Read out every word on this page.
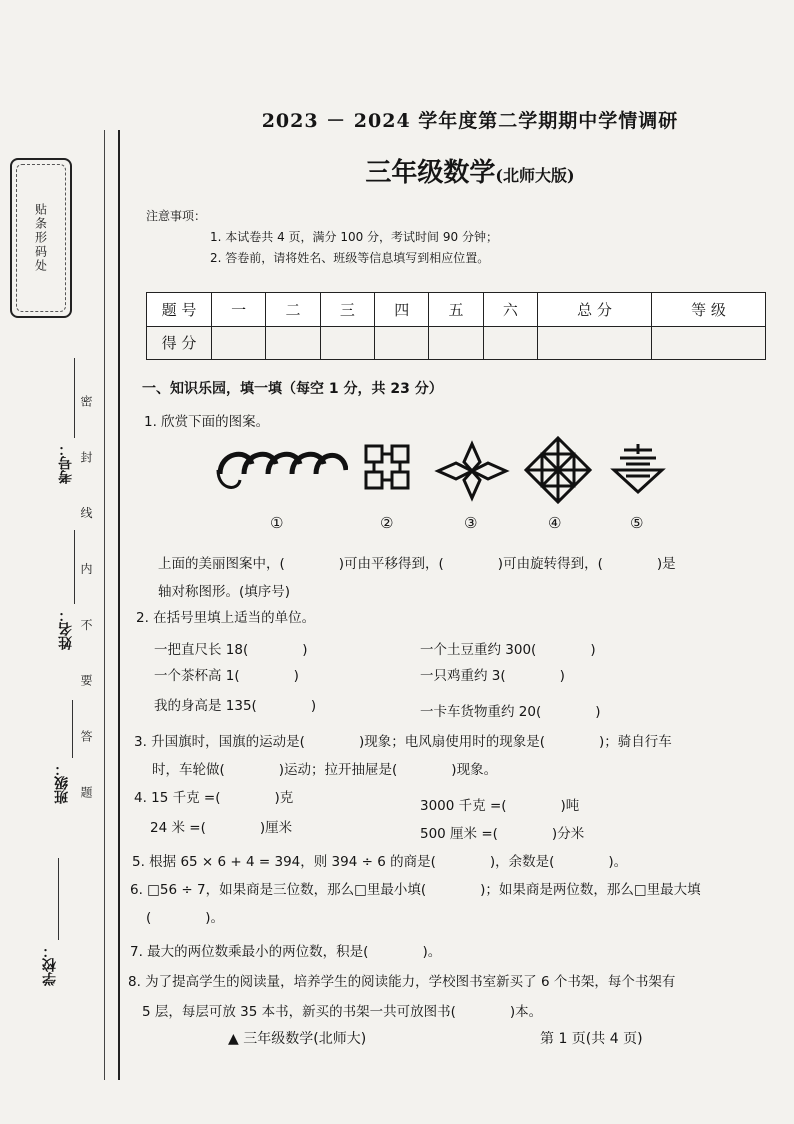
贴条形码处
密 封 线 内 不 要 答 题
考号：
姓名：
班级：
学校：
2023 － 2024 学年度第二学期期中学情调研
三年级数学(北师大版)
注意事项：
1. 本试卷共 4 页，满分 100 分，考试时间 90 分钟；
2. 答卷前，请将姓名、班级等信息填写到相应位置。
题 号	一	二	三	四	五	六	总 分	等 级
得 分								
一、知识乐园，填一填（每空 1 分，共 23 分）
1. 欣赏下面的图案。
①	②	③	④	⑤
上面的美丽图案中，(　　　　)可由平移得到，(　　　　)可由旋转得到，(　　　　)是
轴对称图形。(填序号)
2. 在括号里填上适当的单位。
一把直尺长 18(　　　　)	一个土豆重约 300(　　　　)
一个茶杯高 1(　　　　)	一只鸡重约 3(　　　　)
我的身高是 135(　　　　)	一卡车货物重约 20(　　　　)
3. 升国旗时，国旗的运动是(　　　　)现象；电风扇使用时的现象是(　　　　)；骑自行车
时，车轮做(　　　　)运动；拉开抽屉是(　　　　)现象。
4. 15 千克 =(　　　　)克	3000 千克 =(　　　　)吨
24 米 =(　　　　)厘米	500 厘米 =(　　　　)分米
5. 根据 65 × 6 + 4 = 394，则 394 ÷ 6 的商是(　　　　)，余数是(　　　　)。
6. □56 ÷ 7，如果商是三位数，那么□里最小填(　　　　)；如果商是两位数，那么□里最大填
(　　　　)。
7. 最大的两位数乘最小的两位数，积是(　　　　)。
8. 为了提高学生的阅读量，培养学生的阅读能力，学校图书室新买了 6 个书架，每个书架有
5 层，每层可放 35 本书，新买的书架一共可放图书(　　　　)本。
▲ 三年级数学(北师大)	第 1 页(共 4 页)
